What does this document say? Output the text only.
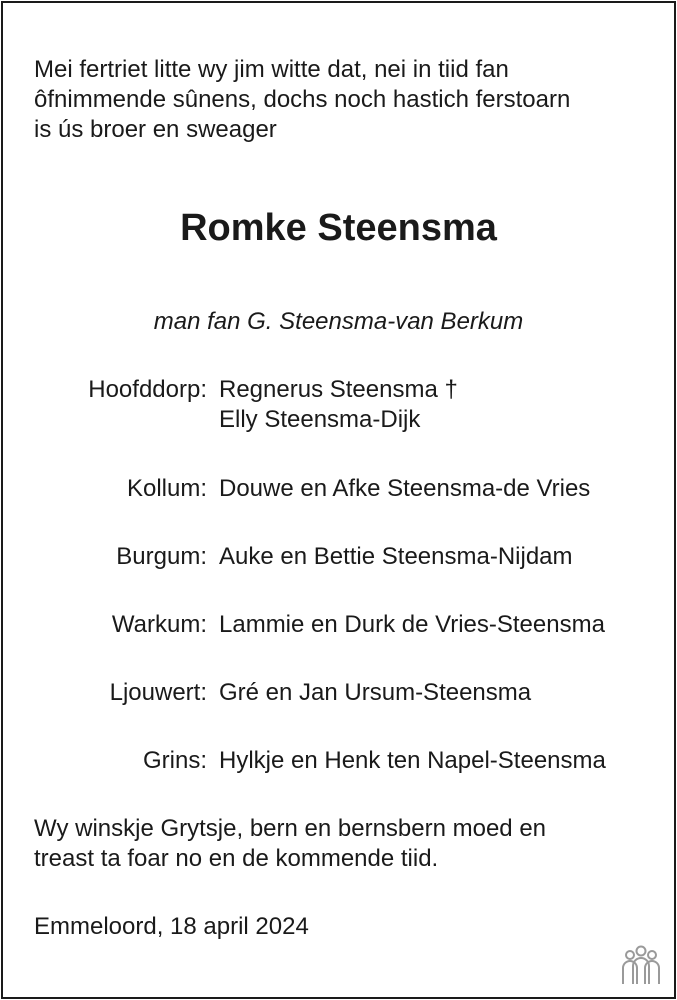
Mei fertriet litte wy jim witte dat, nei in tiid fan
ôfnimmende sûnens, dochs noch hastich ferstoarn
is ús broer en sweager
Romke Steensma
man fan G. Steensma-van Berkum
Hoofddorp: Regnerus Steensma †
Elly Steensma-Dijk
Kollum: Douwe en Afke Steensma-de Vries
Burgum: Auke en Bettie Steensma-Nijdam
Warkum: Lammie en Durk de Vries-Steensma
Ljouwert: Gré en Jan Ursum-Steensma
Grins: Hylkje en Henk ten Napel-Steensma
Wy winskje Grytsje, bern en bernsbern moed en
treast ta foar no en de kommende tiid.
Emmeloord, 18 april 2024
